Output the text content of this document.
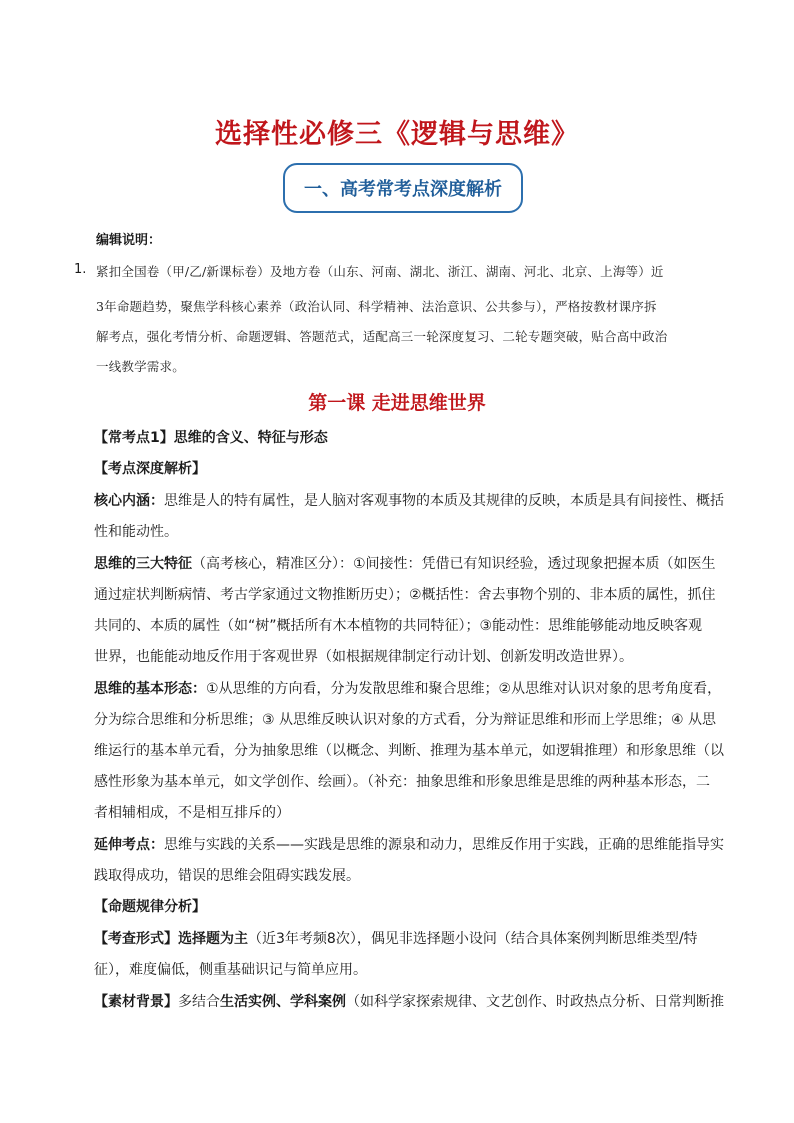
选择性必修三《逻辑与思维》
一、高考常考点深度解析
编辑说明：
1. 紧扣全国卷（甲/乙/新课标卷）及地方卷（山东、河南、湖北、浙江、湖南、河北、北京、上海等）近
3年命题趋势，聚焦学科核心素养（政治认同、科学精神、法治意识、公共参与），严格按教材课序拆
解考点，强化考情分析、命题逻辑、答题范式，适配高三一轮深度复习、二轮专题突破，贴合高中政治
一线教学需求。
第一课 走进思维世界
【常考点1】思维的含义、特征与形态
【考点深度解析】
核心内涵：思维是人的特有属性，是人脑对客观事物的本质及其规律的反映，本质是具有间接性、概括
性和能动性。
思维的三大特征（高考核心，精准区分）：①间接性：凭借已有知识经验，透过现象把握本质（如医生
通过症状判断病情、考古学家通过文物推断历史）；②概括性：舍去事物个别的、非本质的属性，抓住
共同的、本质的属性（如“树”概括所有木本植物的共同特征）；③能动性：思维能够能动地反映客观
世界，也能能动地反作用于客观世界（如根据规律制定行动计划、创新发明改造世界）。
思维的基本形态：①从思维的方向看，分为发散思维和聚合思维；②从思维对认识对象的思考角度看，
分为综合思维和分析思维；③ 从思维反映认识对象的方式看，分为辩证思维和形而上学思维；④ 从思
维运行的基本单元看，分为抽象思维（以概念、判断、推理为基本单元，如逻辑推理）和形象思维（以
感性形象为基本单元，如文学创作、绘画）。（补充：抽象思维和形象思维是思维的两种基本形态，二
者相辅相成，不是相互排斥的）
延伸考点：思维与实践的关系——实践是思维的源泉和动力，思维反作用于实践，正确的思维能指导实
践取得成功，错误的思维会阻碍实践发展。
【命题规律分析】
【考查形式】选择题为主（近3年考频8次），偶见非选择题小设问（结合具体案例判断思维类型/特
征），难度偏低，侧重基础识记与简单应用。
【素材背景】多结合生活实例、学科案例（如科学家探索规律、文艺创作、时政热点分析、日常判断推
